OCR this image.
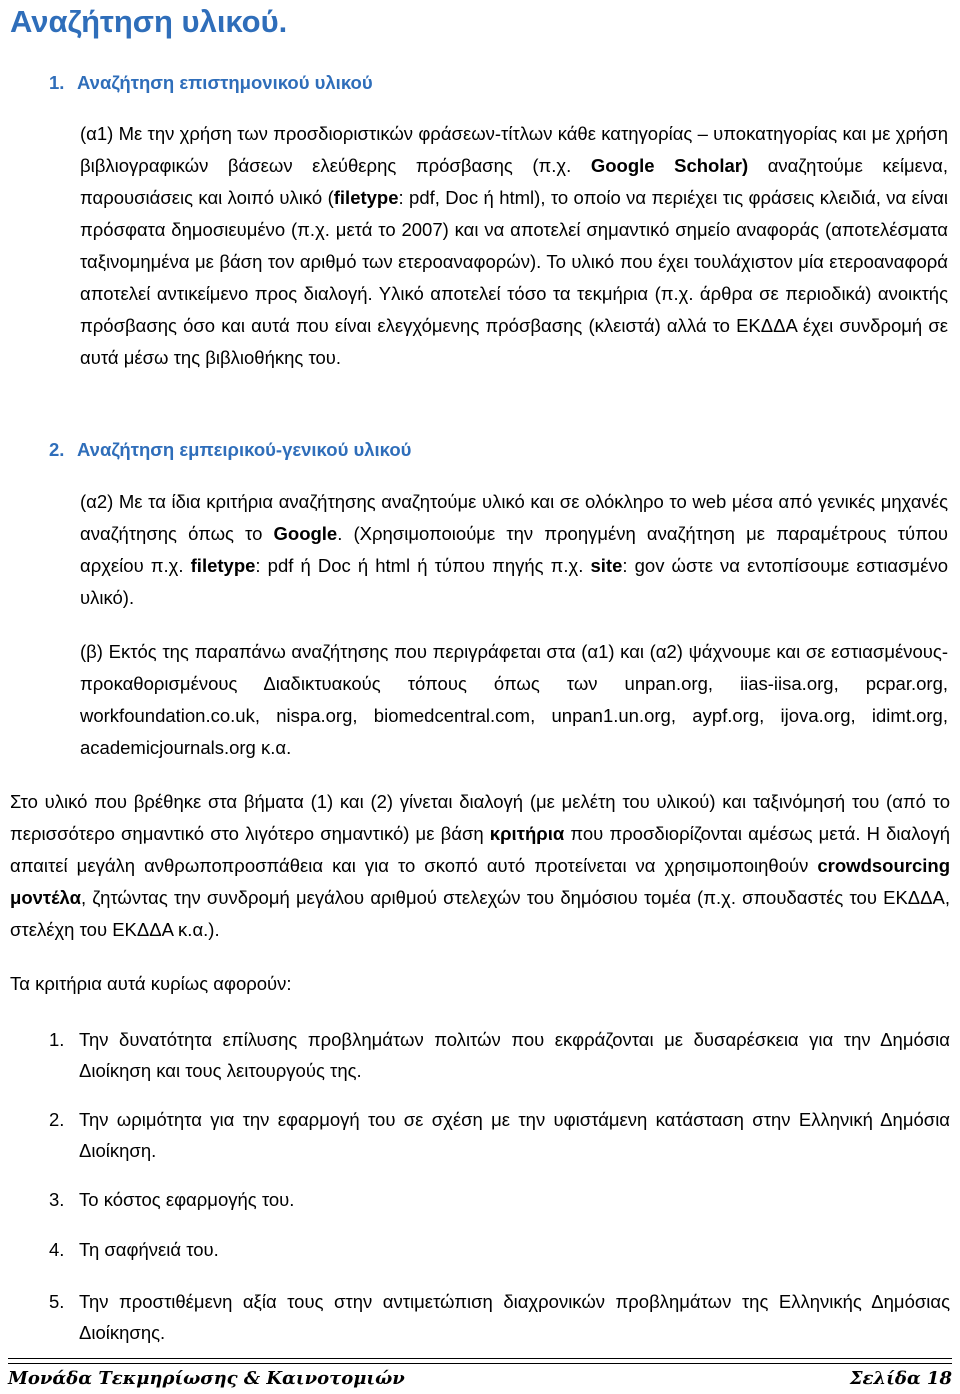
Αναζήτηση υλικού.
1. Αναζήτηση επιστημονικού υλικού
(α1) Με την χρήση των προσδιοριστικών φράσεων-τίτλων κάθε κατηγορίας – υποκατηγορίας και με χρήση βιβλιογραφικών βάσεων ελεύθερης πρόσβασης (π.χ. Google Scholar) αναζητούμε κείμενα, παρουσιάσεις και λοιπό υλικό (filetype: pdf, Doc ή html), το οποίο να περιέχει τις φράσεις κλειδιά, να είναι πρόσφατα δημοσιευμένο (π.χ. μετά το 2007) και να αποτελεί σημαντικό σημείο αναφοράς (αποτελέσματα ταξινομημένα με βάση τον αριθμό των ετεροαναφορών). Το υλικό που έχει τουλάχιστον μία ετεροαναφορά αποτελεί αντικείμενο προς διαλογή. Υλικό αποτελεί τόσο τα τεκμήρια (π.χ. άρθρα σε περιοδικά) ανοικτής πρόσβασης όσο και αυτά που είναι ελεγχόμενης πρόσβασης (κλειστά) αλλά το ΕΚΔΔΑ έχει συνδρομή σε αυτά μέσω της βιβλιοθήκης του.
2. Αναζήτηση εμπειρικού-γενικού υλικού
(α2) Με τα ίδια κριτήρια αναζήτησης αναζητούμε υλικό και σε ολόκληρο το web μέσα από γενικές μηχανές αναζήτησης όπως το Google. (Χρησιμοποιούμε την προηγμένη αναζήτηση με παραμέτρους τύπου αρχείου π.χ. filetype: pdf ή Doc ή html ή τύπου πηγής π.χ. site: gov ώστε να εντοπίσουμε εστιασμένο υλικό).
(β) Εκτός της παραπάνω αναζήτησης που περιγράφεται στα (α1) και (α2) ψάχνουμε και σε εστιασμένους-προκαθορισμένους Διαδικτυακούς τόπους όπως των unpan.org, iias-iisa.org, pcpar.org, workfoundation.co.uk, nispa.org, biomedcentral.com, unpan1.un.org, aypf.org, ijova.org, idimt.org, academicjournals.org κ.α.
Στο υλικό που βρέθηκε στα βήματα (1) και (2) γίνεται διαλογή (με μελέτη του υλικού) και ταξινόμησή του (από το περισσότερο σημαντικό στο λιγότερο σημαντικό) με βάση κριτήρια που προσδιορίζονται αμέσως μετά. Η διαλογή απαιτεί μεγάλη ανθρωποπροσπάθεια και για το σκοπό αυτό προτείνεται να χρησιμοποιηθούν crowdsourcing μοντέλα, ζητώντας την συνδρομή μεγάλου αριθμού στελεχών του δημόσιου τομέα (π.χ. σπουδαστές του ΕΚΔΔΑ, στελέχη του ΕΚΔΔΑ κ.α.).
Τα κριτήρια αυτά κυρίως αφορούν:
1. Την δυνατότητα επίλυσης προβλημάτων πολιτών που εκφράζονται με δυσαρέσκεια για την Δημόσια Διοίκηση και τους λειτουργούς της.
2. Την ωριμότητα για την εφαρμογή του σε σχέση με την υφιστάμενη κατάσταση στην Ελληνική Δημόσια Διοίκηση.
3. Το κόστος εφαρμογής του.
4. Τη σαφήνειά του.
5. Την προστιθέμενη αξία τους στην αντιμετώπιση διαχρονικών προβλημάτων της Ελληνικής Δημόσιας Διοίκησης.
Μονάδα Τεκμηρίωσης & Καινοτομιών	Σελίδα 18
